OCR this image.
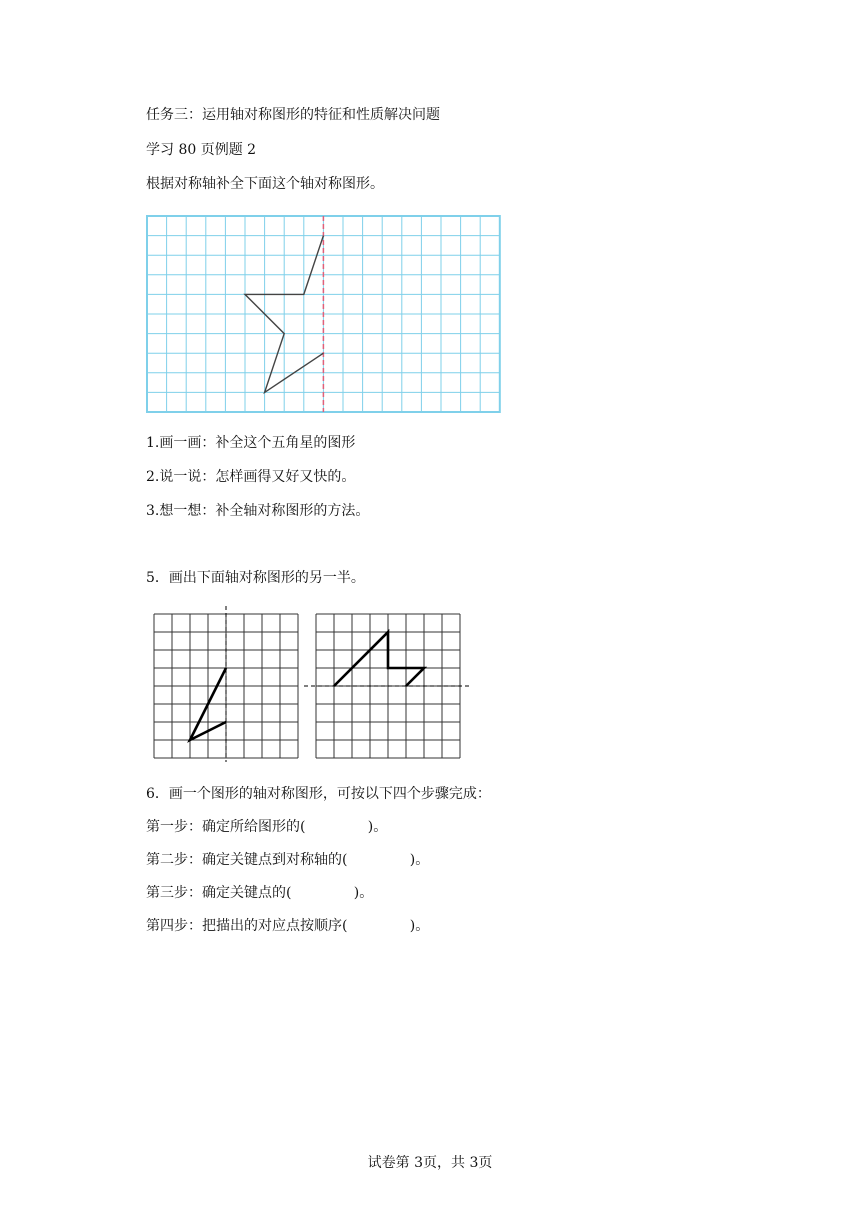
任务三：运用轴对称图形的特征和性质解决问题
学习 80 页例题 2
根据对称轴补全下面这个轴对称图形。
1.画一画：补全这个五角星的图形
2.说一说：怎样画得又好又快的。
3.想一想：补全轴对称图形的方法。
5．画出下面轴对称图形的另一半。
6．画一个图形的轴对称图形，可按以下四个步骤完成：
第一步：确定所给图形的(              )。
第二步：确定关键点到对称轴的(              )。
第三步：确定关键点的(              )。
第四步：把描出的对应点按顺序(              )。
试卷第 3页，共 3页
